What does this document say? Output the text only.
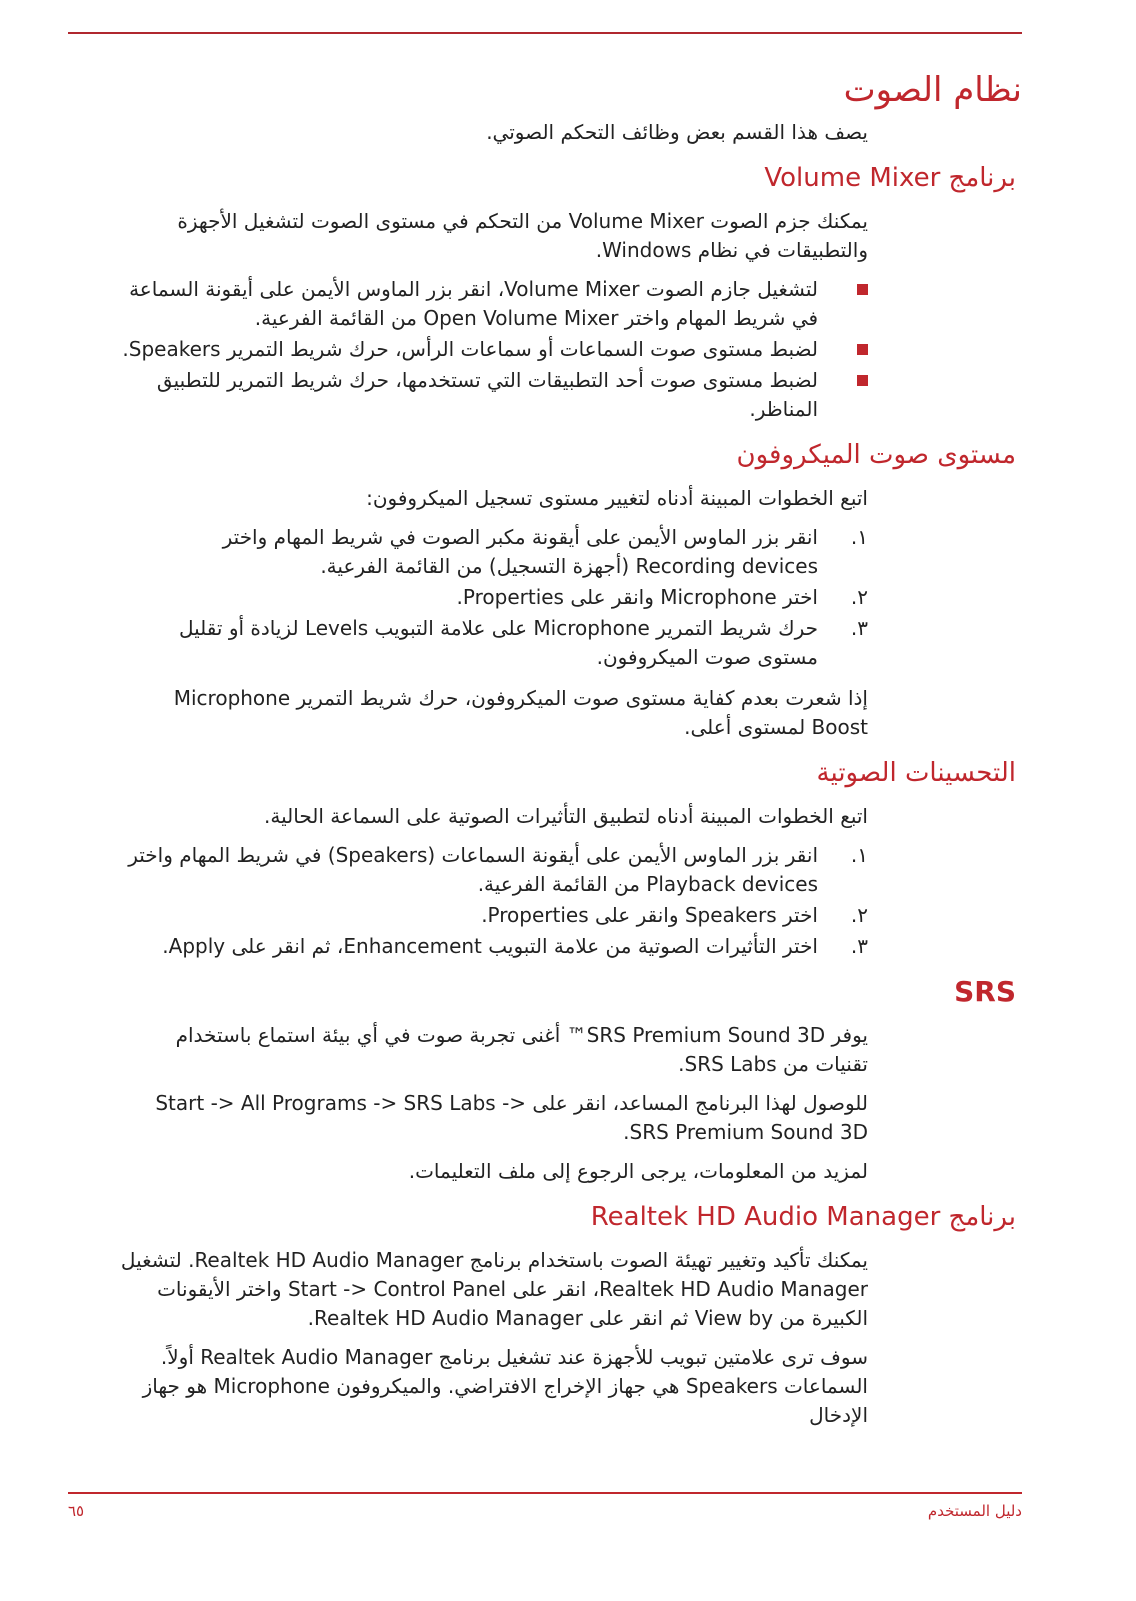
نظام الصوت

يصف هذا القسم بعض وظائف التحكم الصوتي.

برنامج Volume Mixer

يمكنك جزم الصوت Volume Mixer من التحكم في مستوى الصوت لتشغيل الأجهزة والتطبيقات في نظام Windows.

لتشغيل جازم الصوت Volume Mixer، انقر بزر الماوس الأيمن على أيقونة السماعة في شريط المهام واختر Open Volume Mixer من القائمة الفرعية.
لضبط مستوى صوت السماعات أو سماعات الرأس، حرك شريط التمرير Speakers.
لضبط مستوى صوت أحد التطبيقات التي تستخدمها، حرك شريط التمرير للتطبيق المناظر.
مستوى صوت الميكروفون

اتبع الخطوات المبينة أدناه لتغيير مستوى تسجيل الميكروفون:

١.
انقر بزر الماوس الأيمن على أيقونة مكبر الصوت في شريط المهام واختر Recording devices (أجهزة التسجيل) من القائمة الفرعية.
٢.
اختر Microphone وانقر على Properties.
٣.
حرك شريط التمرير Microphone على علامة التبويب Levels لزيادة أو تقليل مستوى صوت الميكروفون.

إذا شعرت بعدم كفاية مستوى صوت الميكروفون، حرك شريط التمرير Microphone Boost لمستوى أعلى.

التحسينات الصوتية

اتبع الخطوات المبينة أدناه لتطبيق التأثيرات الصوتية على السماعة الحالية.

١.
انقر بزر الماوس الأيمن على أيقونة السماعات (Speakers) في شريط المهام واختر Playback devices من القائمة الفرعية.
٢.
اختر Speakers وانقر على Properties.
٣.
اختر التأثيرات الصوتية من علامة التبويب Enhancement، ثم انقر على Apply.
SRS

يوفر SRS Premium Sound 3D™ أغنى تجربة صوت في أي بيئة استماع باستخدام تقنيات من SRS Labs.

للوصول لهذا البرنامج المساعد، انقر على Start -> All Programs -> SRS Labs -> SRS Premium Sound 3D.

لمزيد من المعلومات، يرجى الرجوع إلى ملف التعليمات.

برنامج Realtek HD Audio Manager

يمكنك تأكيد وتغيير تهيئة الصوت باستخدام برنامج Realtek HD Audio Manager. لتشغيل Realtek HD Audio Manager، انقر على Start -> Control Panel واختر الأيقونات الكبيرة من View by ثم انقر على Realtek HD Audio Manager.

سوف ترى علامتين تبويب للأجهزة عند تشغيل برنامج Realtek Audio Manager أولاً. السماعات Speakers هي جهاز الإخراج الافتراضي. والميكروفون Microphone هو جهاز الإدخال

٦٥	دليل المستخدم
